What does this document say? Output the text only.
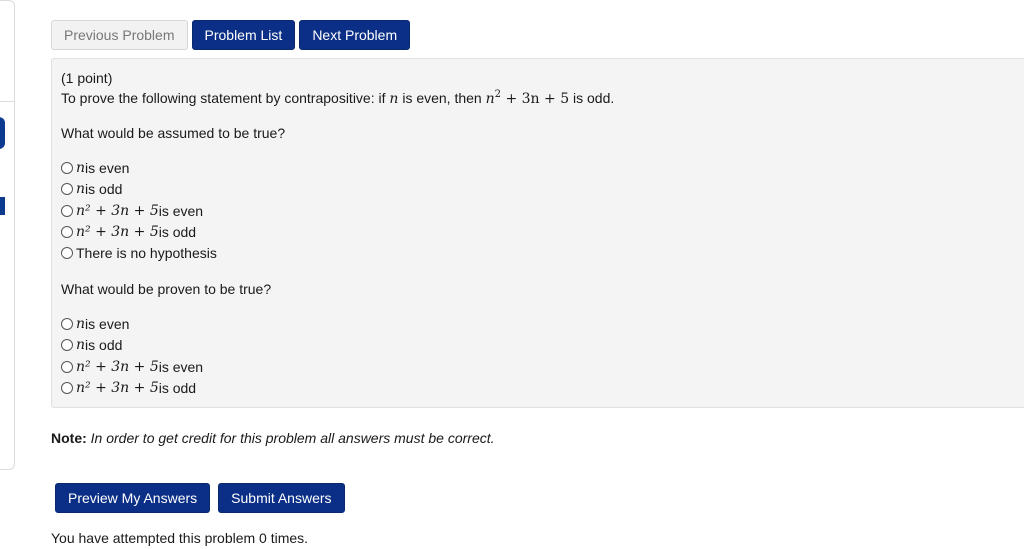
Previous Problem	Problem List	Next Problem
(1 point)
To prove the following statement by contrapositive: if n is even, then $n^2 + 3n + 5$ is odd.
What would be assumed to be true?
n is even
n is odd
n² + 3n + 5 is even
n² + 3n + 5 is odd
There is no hypothesis
What would be proven to be true?
n is even
n is odd
n² + 3n + 5 is even
n² + 3n + 5 is odd
Note: In order to get credit for this problem all answers must be correct.
Preview My Answers	Submit Answers
You have attempted this problem 0 times.
